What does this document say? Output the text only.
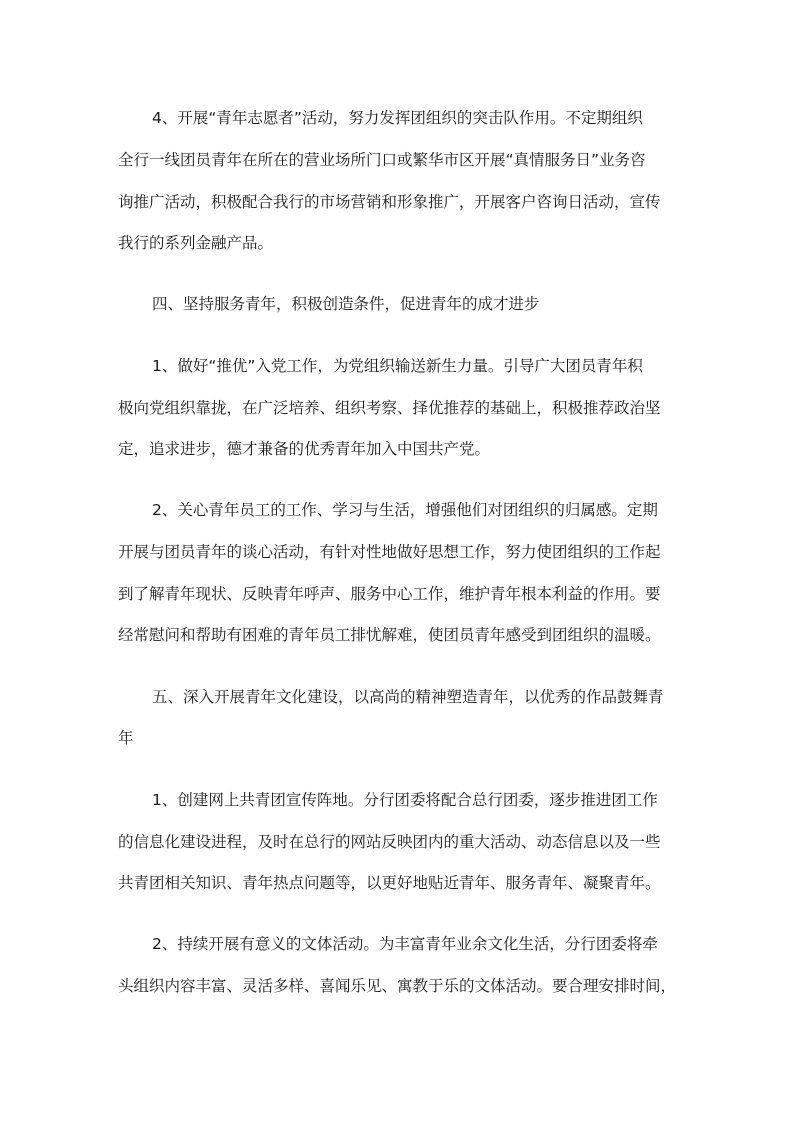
4、开展“青年志愿者”活动，努力发挥团组织的突击队作用。不定期组织
全行一线团员青年在所在的营业场所门口或繁华市区开展“真情服务日”业务咨
询推广活动，积极配合我行的市场营销和形象推广，开展客户咨询日活动，宣传
我行的系列金融产品。
四、坚持服务青年，积极创造条件，促进青年的成才进步
1、做好“推优”入党工作，为党组织输送新生力量。引导广大团员青年积
极向党组织靠拢，在广泛培养、组织考察、择优推荐的基础上，积极推荐政治坚
定，追求进步，德才兼备的优秀青年加入中国共产党。
2、关心青年员工的工作、学习与生活，增强他们对团组织的归属感。定期
开展与团员青年的谈心活动，有针对性地做好思想工作，努力使团组织的工作起
到了解青年现状、反映青年呼声、服务中心工作，维护青年根本利益的作用。要
经常慰问和帮助有困难的青年员工排忧解难，使团员青年感受到团组织的温暖。
五、深入开展青年文化建设，以高尚的精神塑造青年，以优秀的作品鼓舞青
年
1、创建网上共青团宣传阵地。分行团委将配合总行团委，逐步推进团工作
的信息化建设进程，及时在总行的网站反映团内的重大活动、动态信息以及一些
共青团相关知识、青年热点问题等，以更好地贴近青年、服务青年、凝聚青年。
2、持续开展有意义的文体活动。为丰富青年业余文化生活，分行团委将牵
头组织内容丰富、灵活多样、喜闻乐见、寓教于乐的文体活动。要合理安排时间，
